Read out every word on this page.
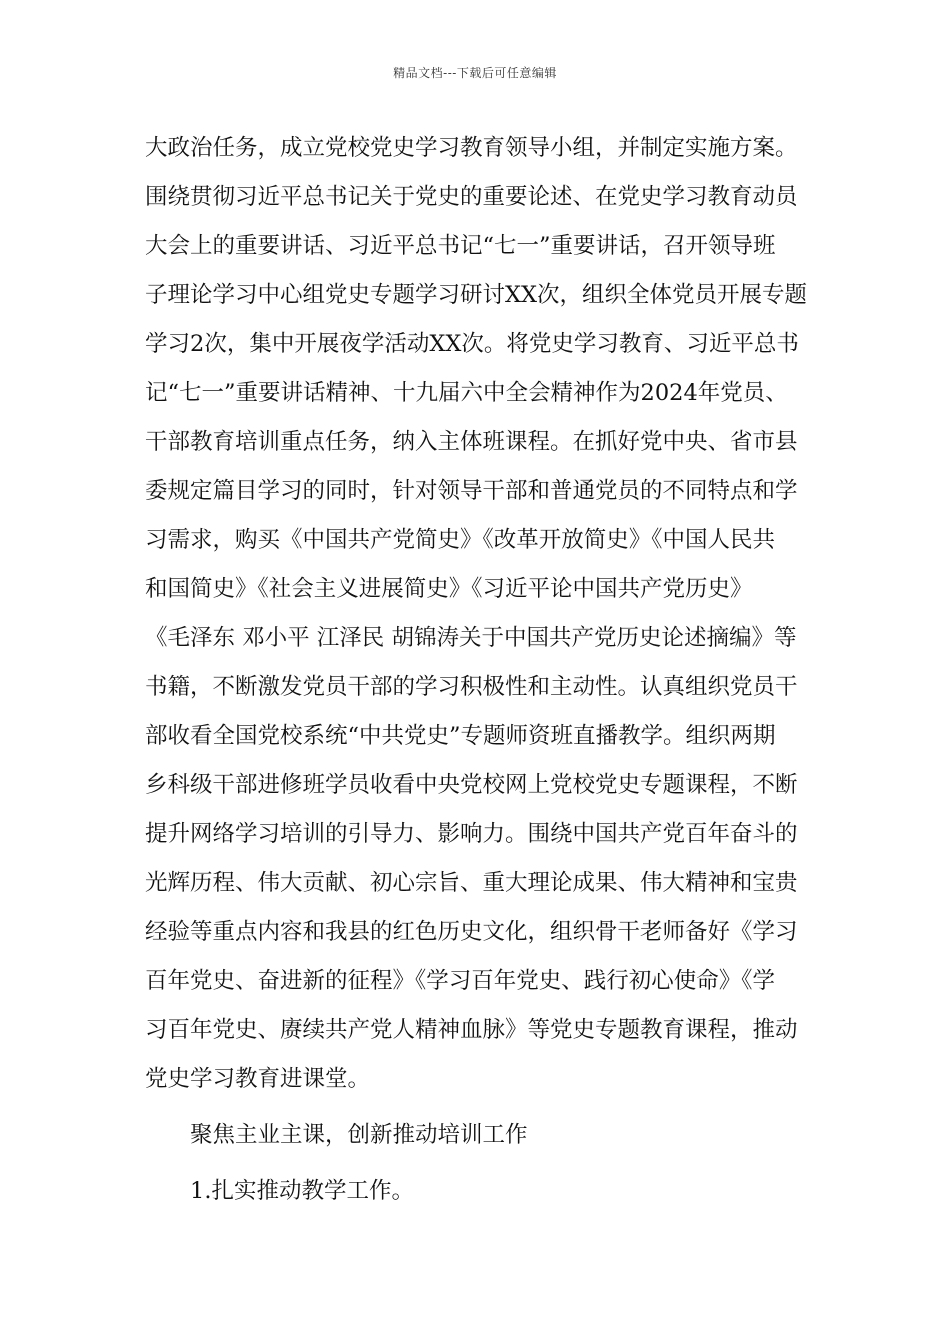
精品文档---下载后可任意编辑
大政治任务，成立党校党史学习教育领导小组，并制定实施方案。
围绕贯彻习近平总书记关于党史的重要论述、在党史学习教育动员
大会上的重要讲话、习近平总书记“七一”重要讲话，召开领导班
子理论学习中心组党史专题学习研讨XX次，组织全体党员开展专题
学习2次，集中开展夜学活动XX次。将党史学习教育、习近平总书
记“七一”重要讲话精神、十九届六中全会精神作为2024年党员、
干部教育培训重点任务，纳入主体班课程。在抓好党中央、省市县
委规定篇目学习的同时，针对领导干部和普通党员的不同特点和学
习需求，购买《中国共产党简史》《改革开放简史》《中国人民共
和国简史》《社会主义进展简史》《习近平论中国共产党历史》
《毛泽东 邓小平 江泽民 胡锦涛关于中国共产党历史论述摘编》等
书籍，不断激发党员干部的学习积极性和主动性。认真组织党员干
部收看全国党校系统“中共党史”专题师资班直播教学。组织两期
乡科级干部进修班学员收看中央党校网上党校党史专题课程，不断
提升网络学习培训的引导力、影响力。围绕中国共产党百年奋斗的
光辉历程、伟大贡献、初心宗旨、重大理论成果、伟大精神和宝贵
经验等重点内容和我县的红色历史文化，组织骨干老师备好《学习
百年党史、奋进新的征程》《学习百年党史、践行初心使命》《学
习百年党史、赓续共产党人精神血脉》等党史专题教育课程，推动
党史学习教育进课堂。
聚焦主业主课，创新推动培训工作
1.扎实推动教学工作。
